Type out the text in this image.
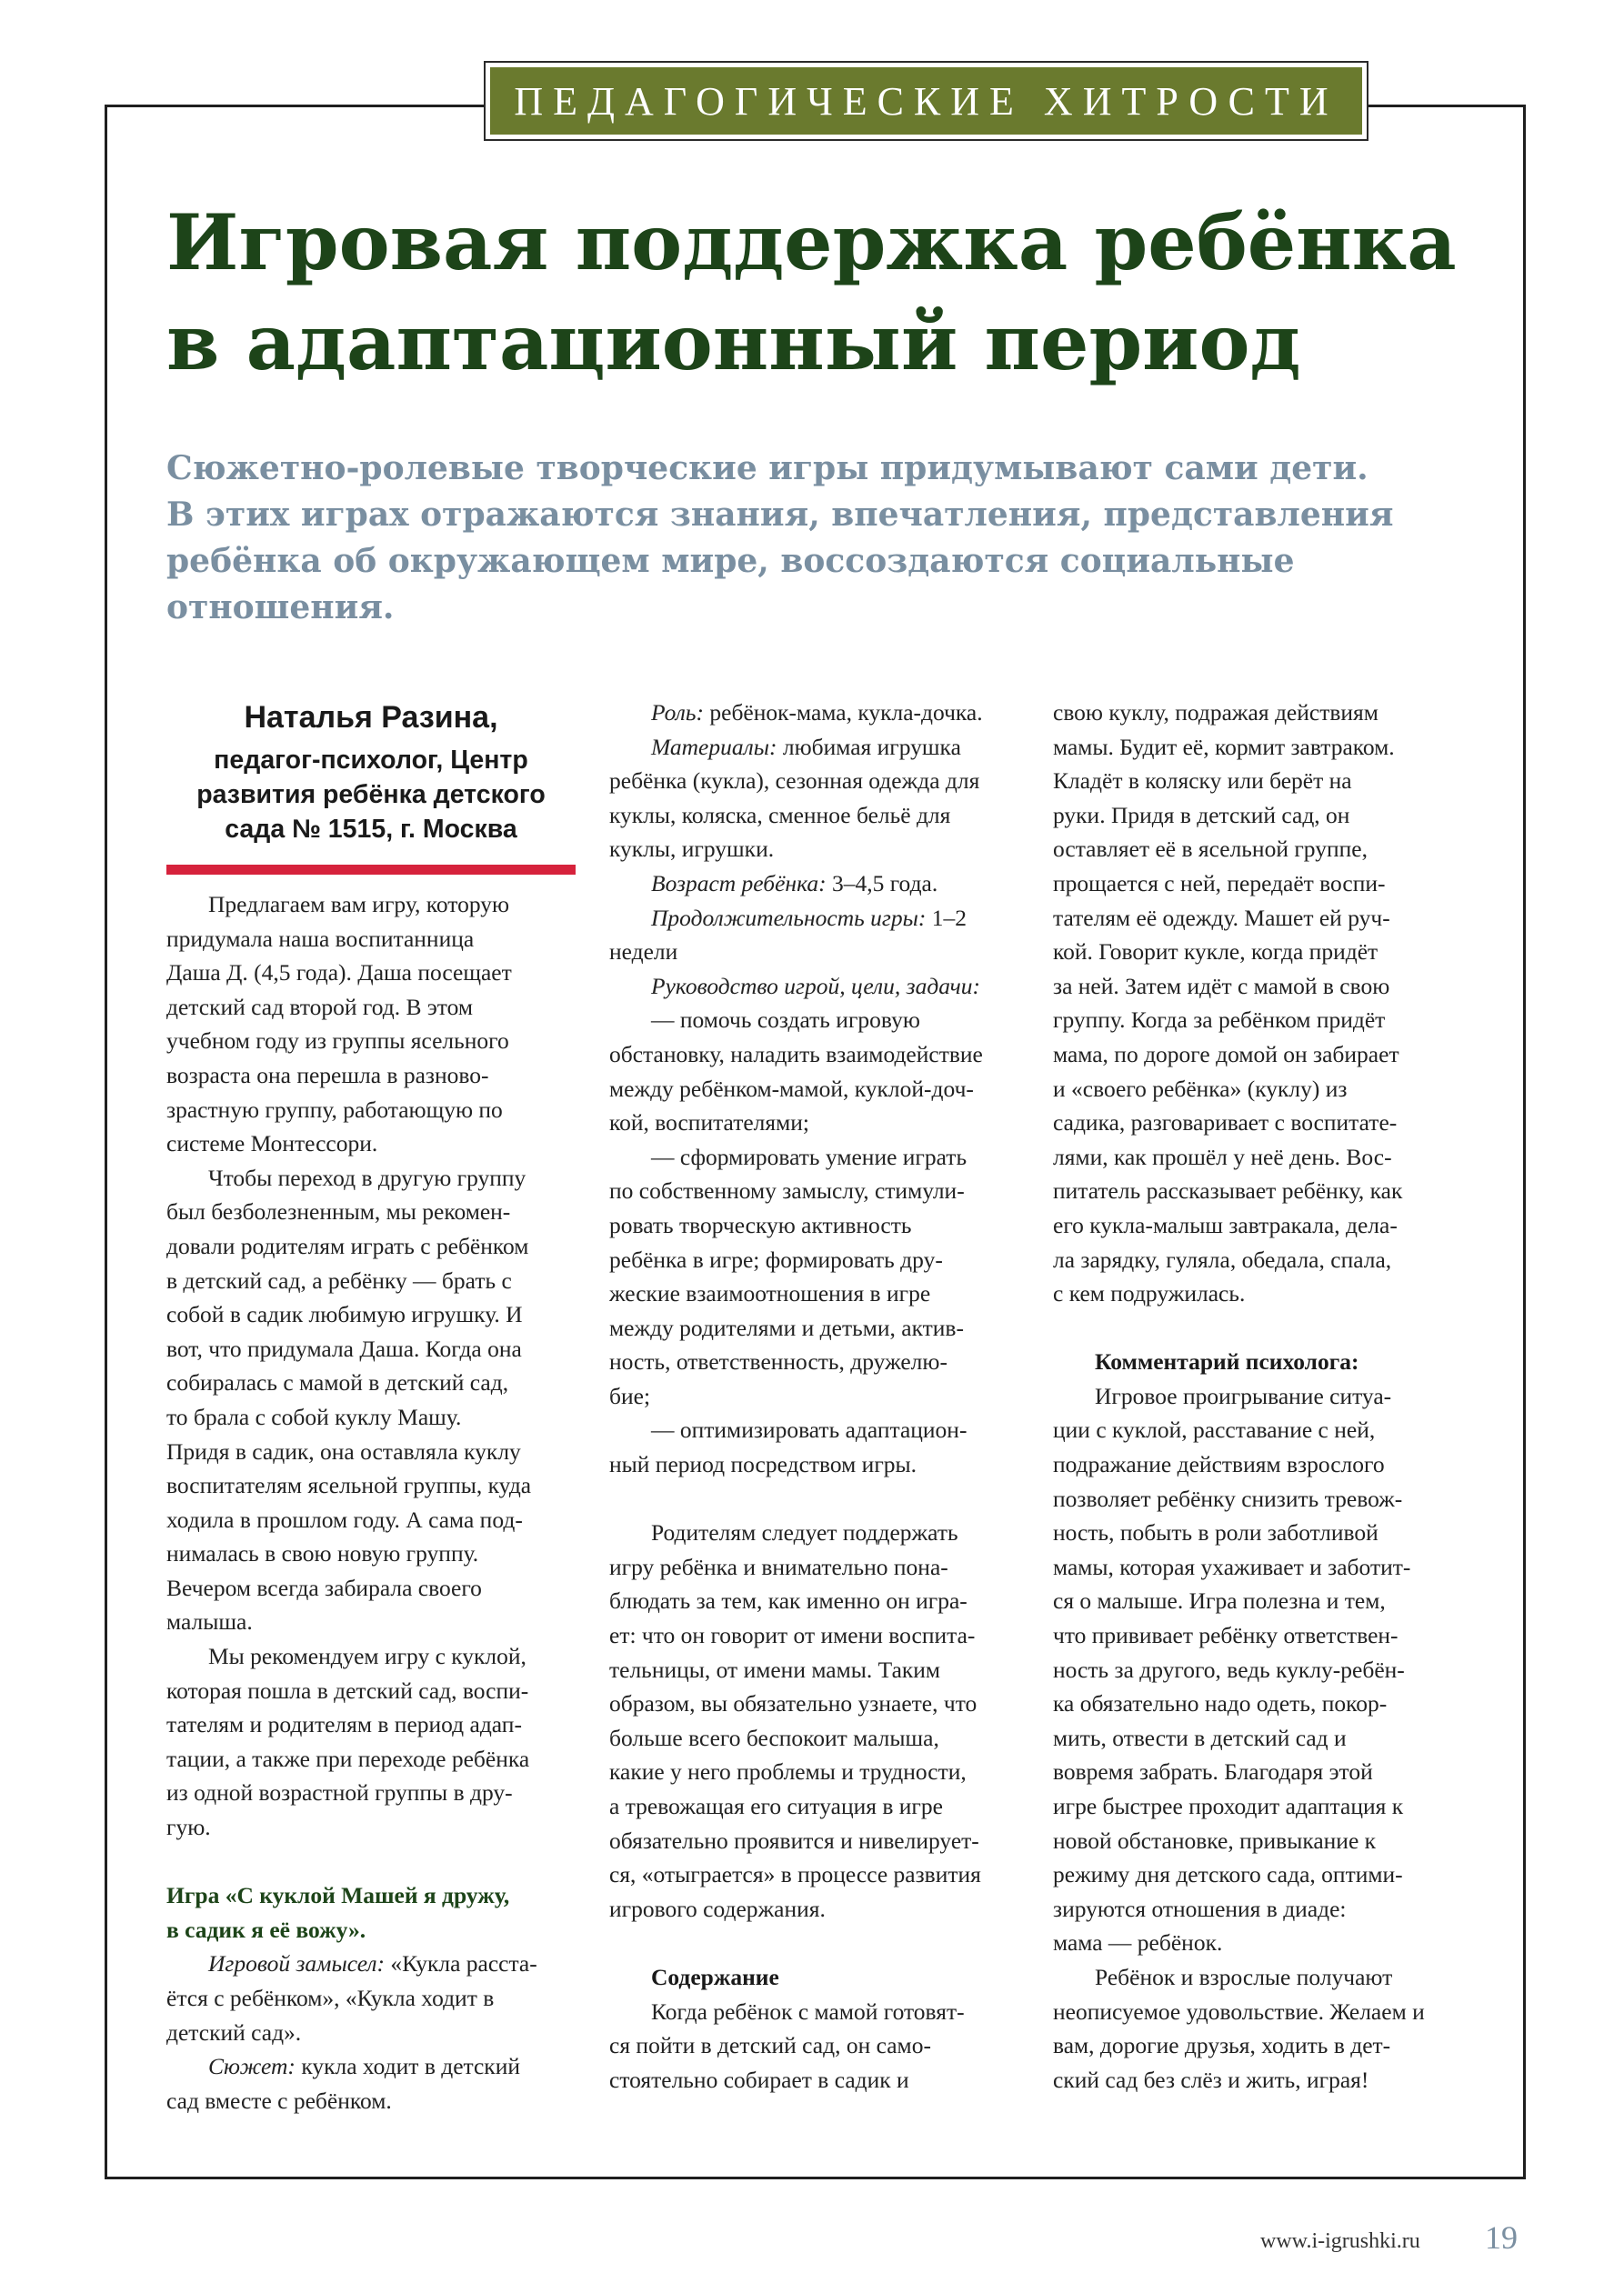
ПЕДАГОГИЧЕСКИЕ ХИТРОСТИ
Игровая поддержка ребёнка
в адаптационный период

Сюжетно-ролевые творческие игры придумывают сами дети.
В этих играх отражаются знания, впечатления, представления
ребёнка об окружающем мире, воссоздаются социальные отношения.

Наталья Разина,
педагог-психолог, Центр
развития ребёнка детского
сада № 1515, г. Москва

Предлагаем вам игру, которую
придумала наша воспитанница
Даша Д. (4,5 года). Даша посещает
детский сад второй год. В этом
учебном году из группы ясельного
возраста она перешла в разново-
зрастную группу, работающую по
системе Монтессори.

Чтобы переход в другую группу
был безболезненным, мы рекомен-
довали родителям играть с ребёнком
в детский сад, а ребёнку — брать с
собой в садик любимую игрушку. И
вот, что придумала Даша. Когда она
собиралась с мамой в детский сад,
то брала с собой куклу Машу.
Придя в садик, она оставляла куклу
воспитателям ясельной группы, куда
ходила в прошлом году. А сама под-
нималась в свою новую группу.
Вечером всегда забирала своего
малыша.

Мы рекомендуем игру с куклой,
которая пошла в детский сад, воспи-
тателям и родителям в период адап-
тации, а также при переходе ребёнка
из одной возрастной группы в дру-
гую.

Игра «С куклой Машей я дружу,
в садик я её вожу».

Игровой замысел: «Кукла расста-
ётся с ребёнком», «Кукла ходит в
детский сад».

Сюжет: кукла ходит в детский
сад вместе с ребёнком.

Роль: ребёнок-мама, кукла-дочка.

Материалы: любимая игрушка
ребёнка (кукла), сезонная одежда для
куклы, коляска, сменное бельё для
куклы, игрушки.

Возраст ребёнка: 3–4,5 года.

Продолжительность игры: 1–2
недели

Руководство игрой, цели, задачи:

— помочь создать игровую
обстановку, наладить взаимодействие
между ребёнком-мамой, куклой-доч-
кой, воспитателями;

— сформировать умение играть
по собственному замыслу, стимули-
ровать творческую активность
ребёнка в игре; формировать дру-
жеские взаимоотношения в игре
между родителями и детьми, актив-
ность, ответственность, дружелю-
бие;

— оптимизировать адаптацион-
ный период посредством игры.

Родителям следует поддержать
игру ребёнка и внимательно пона-
блюдать за тем, как именно он игра-
ет: что он говорит от имени воспита-
тельницы, от имени мамы. Таким
образом, вы обязательно узнаете, что
больше всего беспокоит малыша,
какие у него проблемы и трудности,
а тревожащая его ситуация в игре
обязательно проявится и нивелирует-
ся, «отыграется» в процессе развития
игрового содержания.

Содержание

Когда ребёнок с мамой готовят-
ся пойти в детский сад, он само-
стоятельно собирает в садик и

свою куклу, подражая действиям
мамы. Будит её, кормит завтраком.
Кладёт в коляску или берёт на
руки. Придя в детский сад, он
оставляет её в ясельной группе,
прощается с ней, передаёт воспи-
тателям её одежду. Машет ей руч-
кой. Говорит кукле, когда придёт
за ней. Затем идёт с мамой в свою
группу. Когда за ребёнком придёт
мама, по дороге домой он забирает
и «своего ребёнка» (куклу) из
садика, разговаривает с воспитате-
лями, как прошёл у неё день. Вос-
питатель рассказывает ребёнку, как
его кукла-малыш завтракала, дела-
ла зарядку, гуляла, обедала, спала,
с кем подружилась.

Комментарий психолога:

Игровое проигрывание ситуа-
ции с куклой, расставание с ней,
подражание действиям взрослого
позволяет ребёнку снизить тревож-
ность, побыть в роли заботливой
мамы, которая ухаживает и заботит-
ся о малыше. Игра полезна и тем,
что прививает ребёнку ответствен-
ность за другого, ведь куклу-ребён-
ка обязательно надо одеть, покор-
мить, отвести в детский сад и
вовремя забрать. Благодаря этой
игре быстрее проходит адаптация к
новой обстановке, привыкание к
режиму дня детского сада, оптими-
зируются отношения в диаде:
мама — ребёнок.

Ребёнок и взрослые получают
неописуемое удовольствие. Желаем и
вам, дорогие друзья, ходить в дет-
ский сад без слёз и жить, играя!

www.i-igrushki.ru 19
